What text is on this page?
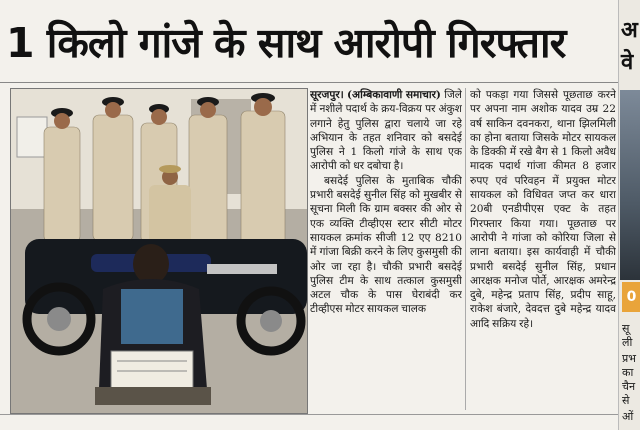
1 किलो गांजे के साथ आरोपी गिरफ्तार

सूरजपुर। (अम्बिकावाणी समाचार) जिले में नशीले पदार्थ के क्रय-विक्रय पर अंकुश लगाने हेतु पुलिस द्वारा चलाये जा रहे अभियान के तहत शनिवार को बसदेई पुलिस ने 1 किलो गांजे के साथ एक आरोपी को धर दबोचा है।

बसदेई पुलिस के मुताबिक चौकी प्रभारी बसदेई सुनील सिंह को मुखबीर से सूचना मिली कि ग्राम बक्सर की ओर से एक व्यक्ति टीव्हीएस स्टार सीटी मोटर सायकल क्रमांक सीजी 12 एए 8210 में गांजा बिक्री करने के लिए कुसमुसी की ओर जा रहा है। चौकी प्रभारी बसदेई पुलिस टीम के साथ तत्काल कुसमुसी अटल चौक के पास घेराबंदी कर टीव्हीएस मोटर सायकल चालक

को पकड़ा गया जिससे पूछताछ करने पर अपना नाम अशोक यादव उम्र 22 वर्ष साकिन दवनकरा, थाना झिलमिली का होना बताया जिसके मोटर सायकल के डिक्की में रखे बैग से 1 किलो अवैध मादक पदार्थ गांजा कीमत 8 हजार रुपए एवं परिवहन में प्रयुक्त मोटर सायकल को विधिवत जप्त कर धारा 20बी एनडीपीएस एक्ट के तहत गिरफ्तार किया गया। पूछताछ पर आरोपी ने गांजा को कोरिया जिला से लाना बताया। इस कार्यवाही में चौकी प्रभारी बसदेई सुनील सिंह, प्रधान आरक्षक मनोज पोर्ते, आरक्षक अमरेन्द्र दुबे, महेन्द्र प्रताप सिंह, प्रदीप साहू, राकेश बंजारे, देवदत्त दुबे महेन्द्र यादव आदि सक्रिय रहे।

अ
वे
0
सू
ली
प्रभ
का
चैन
से
ओं
